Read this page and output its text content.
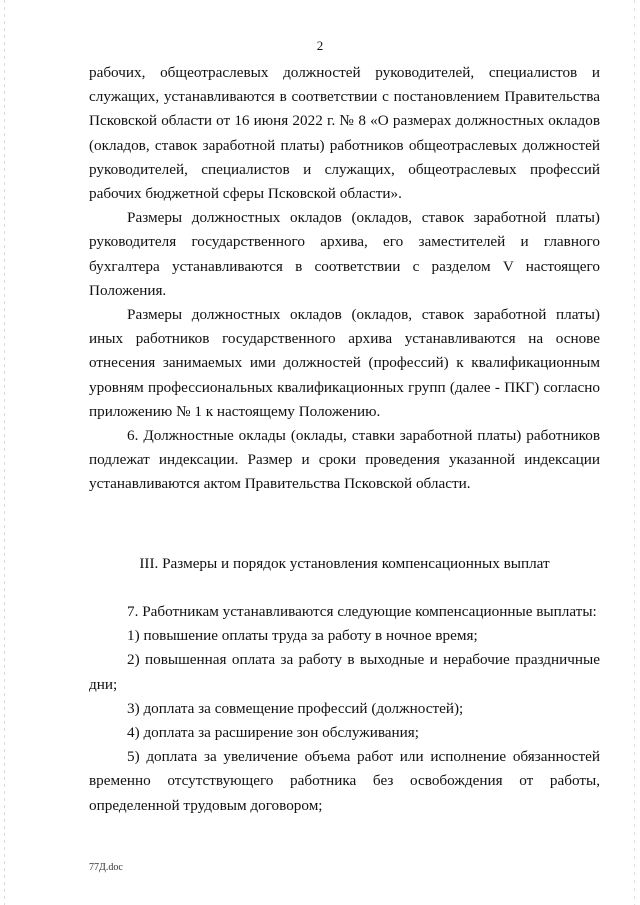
2

рабочих, общеотраслевых должностей руководителей, специалистов и служащих, устанавливаются в соответствии с постановлением Правительства Псковской области от 16 июня 2022 г. № 8 «О размерах должностных окладов (окладов, ставок заработной платы) работников общеотраслевых должностей руководителей, специалистов и служащих, общеотраслевых профессий рабочих бюджетной сферы Псковской области».

Размеры должностных окладов (окладов, ставок заработной платы) руководителя государственного архива, его заместителей и главного бухгалтера устанавливаются в соответствии с разделом V настоящего Положения.

Размеры должностных окладов (окладов, ставок заработной платы) иных работников государственного архива устанавливаются на основе отнесения занимаемых ими должностей (профессий) к квалификационным уровням профессиональных квалификационных групп (далее - ПКГ) согласно приложению № 1 к настоящему Положению.

6. Должностные оклады (оклады, ставки заработной платы) работников подлежат индексации. Размер и сроки проведения указанной индексации устанавливаются актом Правительства Псковской области.

III. Размеры и порядок установления компенсационных выплат

7. Работникам устанавливаются следующие компенсационные выплаты:

1) повышение оплаты труда за работу в ночное время;

2) повышенная оплата за работу в выходные и нерабочие праздничные дни;

3) доплата за совмещение профессий (должностей);

4) доплата за расширение зон обслуживания;

5) доплата за увеличение объема работ или исполнение обязанностей временно отсутствующего работника без освобождения от работы, определенной трудовым договором;

77Д.doc
